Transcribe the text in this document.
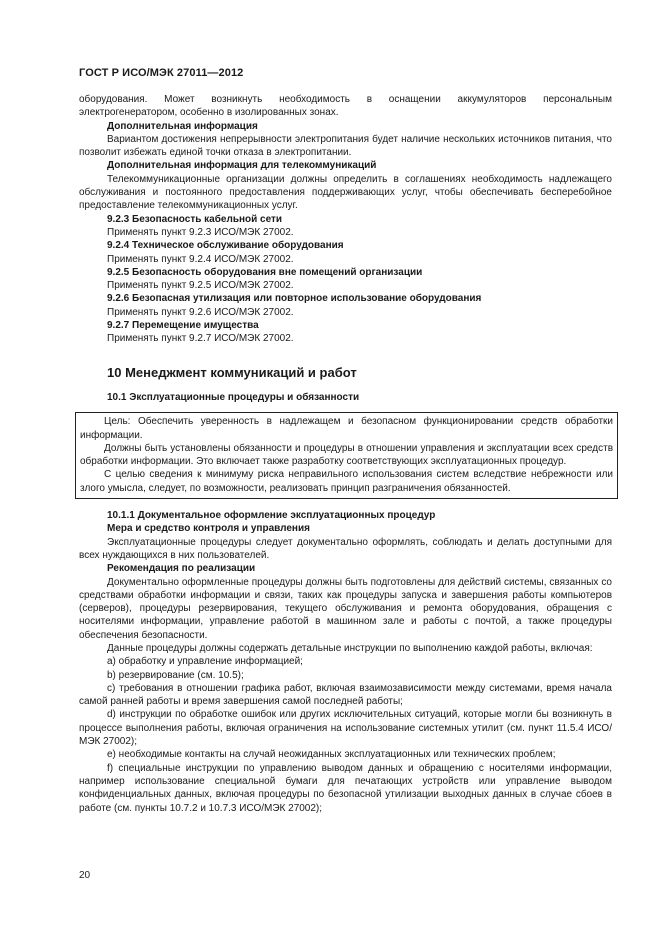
ГОСТ Р ИСО/МЭК 27011—2012

оборудования. Может возникнуть необходимость в оснащении аккумуляторов персональным электрогенератором, особенно в изолированных зонах.

Дополнительная информация

Вариантом достижения непрерывности электропитания будет наличие нескольких источников питания, что позволит избежать единой точки отказа в электропитании.

Дополнительная информация для телекоммуникаций

Телекоммуникационные организации должны определить в соглашениях необходимость надлежащего обслуживания и постоянного предоставления поддерживающих услуг, чтобы обеспечивать бесперебойное предоставление телекоммуникационных услуг.

9.2.3 Безопасность кабельной сети

Применять пункт 9.2.3 ИСО/МЭК 27002.

9.2.4 Техническое обслуживание оборудования

Применять пункт 9.2.4 ИСО/МЭК 27002.

9.2.5 Безопасность оборудования вне помещений организации

Применять пункт 9.2.5 ИСО/МЭК 27002.

9.2.6 Безопасная утилизация или повторное использование оборудования

Применять пункт 9.2.6 ИСО/МЭК 27002.

9.2.7 Перемещение имущества

Применять пункт 9.2.7 ИСО/МЭК 27002.

10 Менеджмент коммуникаций и работ

10.1 Эксплуатационные процедуры и обязанности

Цель: Обеспечить уверенность в надлежащем и безопасном функционировании средств обработки информации.

Должны быть установлены обязанности и процедуры в отношении управления и эксплуатации всех средств обработки информации. Это включает также разработку соответствующих эксплуатационных процедур.

С целью сведения к минимуму риска неправильного использования систем вследствие небрежности или злого умысла, следует, по возможности, реализовать принцип разграничения обязанностей.

10.1.1 Документальное оформление эксплуатационных процедур

Мера и средство контроля и управления

Эксплуатационные процедуры следует документально оформлять, соблюдать и делать доступными для всех нуждающихся в них пользователей.

Рекомендация по реализации

Документально оформленные процедуры должны быть подготовлены для действий системы, связанных со средствами обработки информации и связи, таких как процедуры запуска и завершения работы компьютеров (серверов), процедуры резервирования, текущего обслуживания и ремонта оборудования, обращения с носителями информации, управление работой в машинном зале и работы с почтой, а также процедуры обеспечения безопасности.

Данные процедуры должны содержать детальные инструкции по выполнению каждой работы, включая:

a) обработку и управление информацией;

b) резервирование (см. 10.5);

c) требования в отношении графика работ, включая взаимозависимости между системами, время начала самой ранней работы и время завершения самой последней работы;

d) инструкции по обработке ошибок или других исключительных ситуаций, которые могли бы возникнуть в процессе выполнения работы, включая ограничения на использование системных утилит (см. пункт 11.5.4 ИСО/МЭК 27002);

e) необходимые контакты на случай неожиданных эксплуатационных или технических проблем;

f) специальные инструкции по управлению выводом данных и обращению с носителями информации, например использование специальной бумаги для печатающих устройств или управление выводом конфиденциальных данных, включая процедуры по безопасной утилизации выходных данных в случае сбоев в работе (см. пункты 10.7.2 и 10.7.3 ИСО/МЭК 27002);

20
